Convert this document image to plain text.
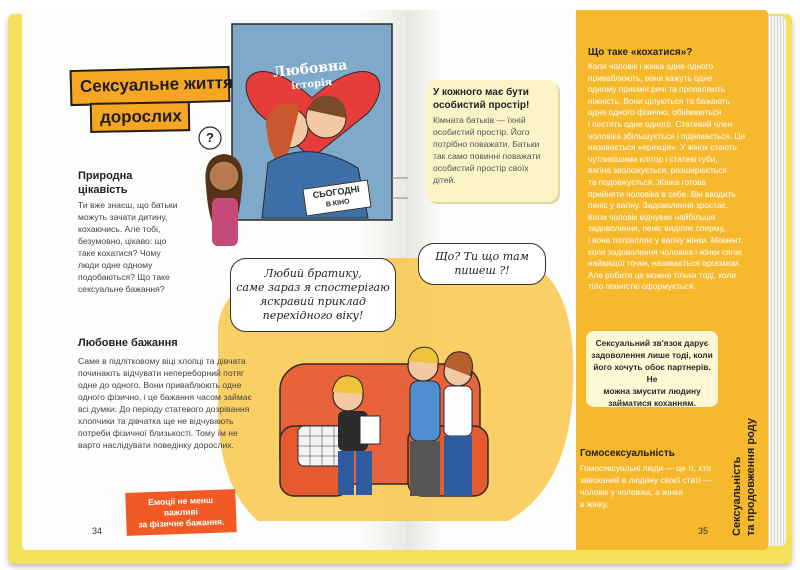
Любовна
історія
СЬОГОДНІ
В КІНО
?
Сексуальне життя
дорослих
Природна
цікавість
Ти вже знаєш, що батьки
можуть зачати дитину,
кохаючись. Але тобі,
безумовно, цікаво: що
таке кохатися? Чому
люди одне одному
подобаються? Що таке
сексуальне бажання?
Любий братику,
саме зараз я спостерігаю
яскравий приклад
перехідного віку!
Любовне бажання
Саме в підлітковому віці хлопці та дівчата
починають відчувати непереборний потяг
одне до одного. Вони приваблюють одне
одного фізично, і це бажання часом займає
всі думки. До періоду статевого дозрівання
хлопчики та дівчатка ще не відчувають
потреби фізичної близькості. Тому їм не
варто наслідувати поведінку дорослих.
Емоції не менш важливі
за фізичне бажання.
34
У кожного має бути
особистий простір!
Кімната батьків — їхній
особистий простір. Його
потрібно поважати. Батьки
так само повинні поважати
особистий простір своїх
дітей.
Що? Ти що там
пишеш ?!
35
Що таке «кохатися»?
Коли чоловік і жінка одне одного
приваблюють, вони кажуть одне
одному приємні речі та проявляють
ніжність. Вони цілуються та бажають
одне одного фізично, обіймаються
і пестять одне одного. Статевий член
чоловіка збільшується і піднімається. Це
називається «ерекція». У жінок стають
чутливішими клітор і статеві губи,
вагіна зволожується, розширюється
та подовжується. Жінка готова
прийняти чоловіка в себе. Він вводить
пеніс у вагіну. Задоволення зростає.
Коли чоловік відчуває найбільше
задоволення, пеніс виділяє сперму,
і вона потрапляє у вагіну жінки. Момент,
коли задоволення чоловіка і жінки сягає
найвищої точки, називається оргазмом.
Але робити це можна тільки тоді, коли
тіло повністю сформується.
Сексуальний зв'язок дарує
задоволення лише тоді, коли
його хочуть обоє партнерів. Не
можна змусити людину
займатися коханням.
Гомосексуальність
Гомосексуальні люди — це ті, хто
закоханий в людину своєї статі —
чоловік у чоловіка, а жінка
в жінку.	Сексуальність та продовження роду
